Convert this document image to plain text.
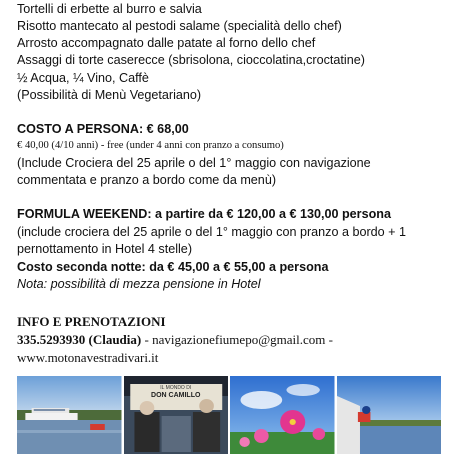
Tortelli di erbette al burro e salvia
Risotto mantecato al pestodi salame (specialità dello chef)
Arrosto accompagnato dalle patate al forno dello chef
Assaggi di torte caserecce (sbrisolona, cioccolatina,croctatine)
½ Acqua, ¼ Vino, Caffè
(Possibilità di Menù Vegetariano)
COSTO A PERSONA: € 68,00
€ 40,00 (4/10 anni) - free (under 4 anni con pranzo a consumo)
(Include Crociera del 25 aprile o del 1° maggio con navigazione
commentata e pranzo a bordo come da menù)
FORMULA WEEKEND: a partire da € 120,00 a € 130,00 persona
(include crociera del 25 aprile o del 1° maggio con pranzo a bordo + 1
pernottamento in Hotel 4 stelle)
Costo seconda notte: da € 45,00 a € 55,00 a persona
Nota: possibilità di mezza pensione in Hotel
INFO E PRENOTAZIONI
335.5293930 (Claudia) - navigazionefiumepo@gmail.com -
www.motonavestradivari.it
IL MONDO DI
DON CAMILLO
